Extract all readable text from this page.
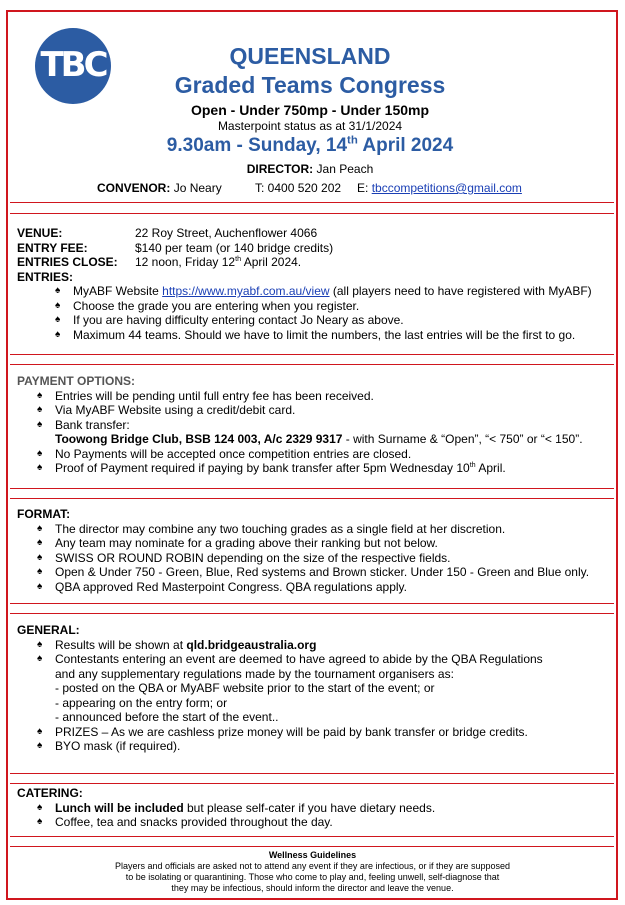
TBC	QUEENSLAND
Graded Teams Congress
Open - Under 750mp - Under 150mp
Masterpoint status as at 31/1/2024
9.30am - Sunday, 14th April 2024
DIRECTOR: Jan Peach
CONVENOR: Jo Neary	T: 0400 520 202 E: tbccompetitions@gmail.com
VENUE:	22 Roy Street, Auchenflower 4066
ENTRY FEE:	$140 per team (or 140 bridge credits)
ENTRIES CLOSE: 12 noon, Friday 12th April 2024.
ENTRIES:
♠ MyABF Website https://www.myabf.com.au/view (all players need to have registered with MyABF)
♠ Choose the grade you are entering when you register.
♠ If you are having difficulty entering contact Jo Neary as above.
♠ Maximum 44 teams. Should we have to limit the numbers, the last entries will be the first to go.
PAYMENT OPTIONS:
♠ Entries will be pending until full entry fee has been received.
♠ Via MyABF Website using a credit/debit card.
♠ Bank transfer:
Toowong Bridge Club, BSB 124 003, A/c 2329 9317 - with Surname & “Open”, “< 750” or “< 150”.
♠ No Payments will be accepted once competition entries are closed.
♠ Proof of Payment required if paying by bank transfer after 5pm Wednesday 10th April.
FORMAT:
♠ The director may combine any two touching grades as a single field at her discretion.
♠ Any team may nominate for a grading above their ranking but not below.
♠ SWISS OR ROUND ROBIN depending on the size of the respective fields.
♠ Open & Under 750 - Green, Blue, Red systems and Brown sticker. Under 150 - Green and Blue only.
♠ QBA approved Red Masterpoint Congress. QBA regulations apply.
GENERAL:
♠ Results will be shown at qld.bridgeaustralia.org
♠ Contestants entering an event are deemed to have agreed to abide by the QBA Regulations
and any supplementary regulations made by the tournament organisers as:
- posted on the QBA or MyABF website prior to the start of the event; or
- appearing on the entry form; or
- announced before the start of the event..
♠ PRIZES – As we are cashless prize money will be paid by bank transfer or bridge credits.
♠ BYO mask (if required).
CATERING:
♠ Lunch will be included but please self-cater if you have dietary needs.
♠ Coffee, tea and snacks provided throughout the day.
Wellness Guidelines
Players and officials are asked not to attend any event if they are infectious, or if they are supposed
to be isolating or quarantining. Those who come to play and, feeling unwell, self-diagnose that
they may be infectious, should inform the director and leave the venue.
